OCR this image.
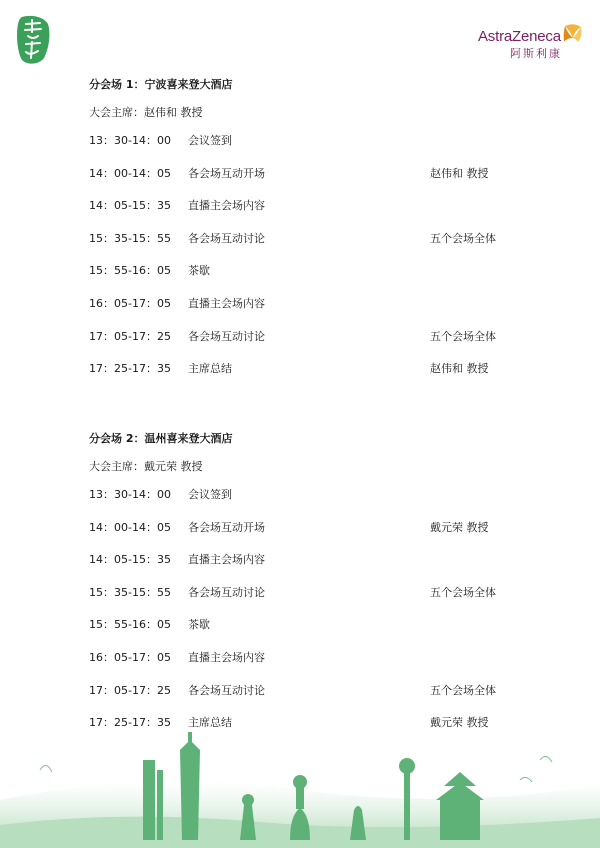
AstraZeneca
阿斯利康
分会场 1：宁波喜来登大酒店
大会主席：赵伟和 教授
13：30-14：00 会议签到
14：00-14：05 各会场互动开场	赵伟和 教授
14：05-15：35 直播主会场内容
15：35-15：55 各会场互动讨论	五个会场全体
15：55-16：05 茶歇
16：05-17：05 直播主会场内容
17：05-17：25 各会场互动讨论	五个会场全体
17：25-17：35 主席总结	赵伟和 教授
分会场 2：温州喜来登大酒店
大会主席：戴元荣 教授
13：30-14：00 会议签到
14：00-14：05 各会场互动开场	戴元荣 教授
14：05-15：35 直播主会场内容
15：35-15：55 各会场互动讨论	五个会场全体
15：55-16：05 茶歇
16：05-17：05 直播主会场内容
17：05-17：25 各会场互动讨论	五个会场全体
17：25-17：35 主席总结	戴元荣 教授
